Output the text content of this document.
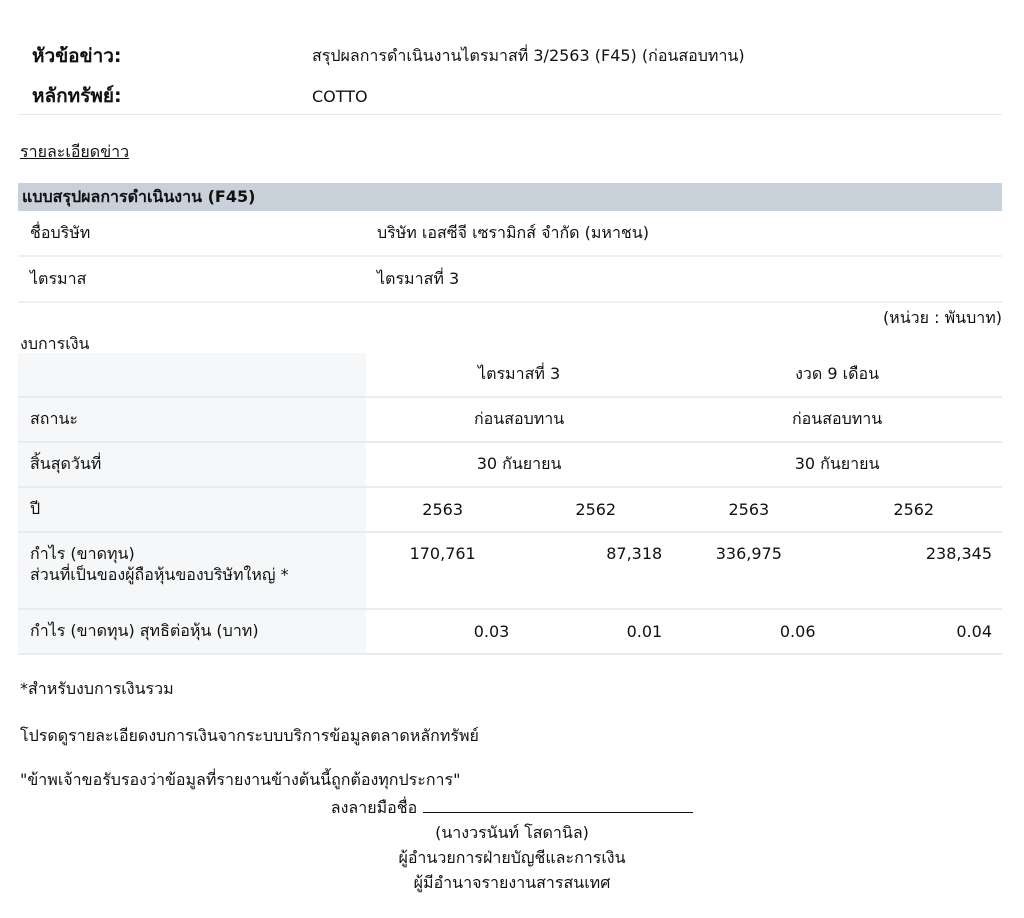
หัวข้อข่าว:	สรุปผลการดำเนินงานไตรมาสที่ 3/2563 (F45) (ก่อนสอบทาน)
หลักทรัพย์:	COTTO
รายละเอียดข่าว
แบบสรุปผลการดำเนินงาน (F45)
ชื่อบริษัท	บริษัท เอสซีจี เซรามิกส์ จำกัด (มหาชน)
ไตรมาส	ไตรมาสที่ 3
(หน่วย : พันบาท)
งบการเงิน
	ไตรมาสที่ 3		งวด 9 เดือน	
สถานะ	ก่อนสอบทาน		ก่อนสอบทาน	
สิ้นสุดวันที่	30 กันยายน		30 กันยายน	
ปี	2563	2562	2563	2562

กำไร (ขาดทุน)
ส่วนที่เป็นของผู้ถือหุ้นของบริษัทใหญ่ *	170,761	87,318	336,975	238,345
กำไร (ขาดทุน) สุทธิต่อหุ้น (บาท)	0.03	0.01	0.06	0.04
*สำหรับงบการเงินรวม
โปรดดูรายละเอียดงบการเงินจากระบบบริการข้อมูลตลาดหลักทรัพย์
"ข้าพเจ้าขอรับรองว่าข้อมูลที่รายงานข้างต้นนี้ถูกต้องทุกประการ"
ลงลายมือชื่อ
(นางวรนันท์ โสดานิล)
ผู้อำนวยการฝ่ายบัญชีและการเงิน
ผู้มีอำนาจรายงานสารสนเทศ
